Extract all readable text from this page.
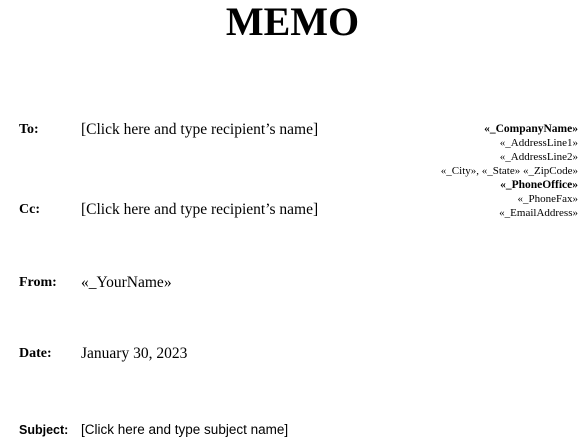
MEMO
«_CompanyName»
«_AddressLine1»
«_AddressLine2»
«_City», «_State» «_ZipCode»
«_PhoneOffice»
«_PhoneFax»
«_EmailAddress»
To:	[Click here and type recipient’s name]
Cc:	[Click here and type recipient’s name]
From: «_YourName»
Date: January 30, 2023
Subject: [Click here and type subject name]
